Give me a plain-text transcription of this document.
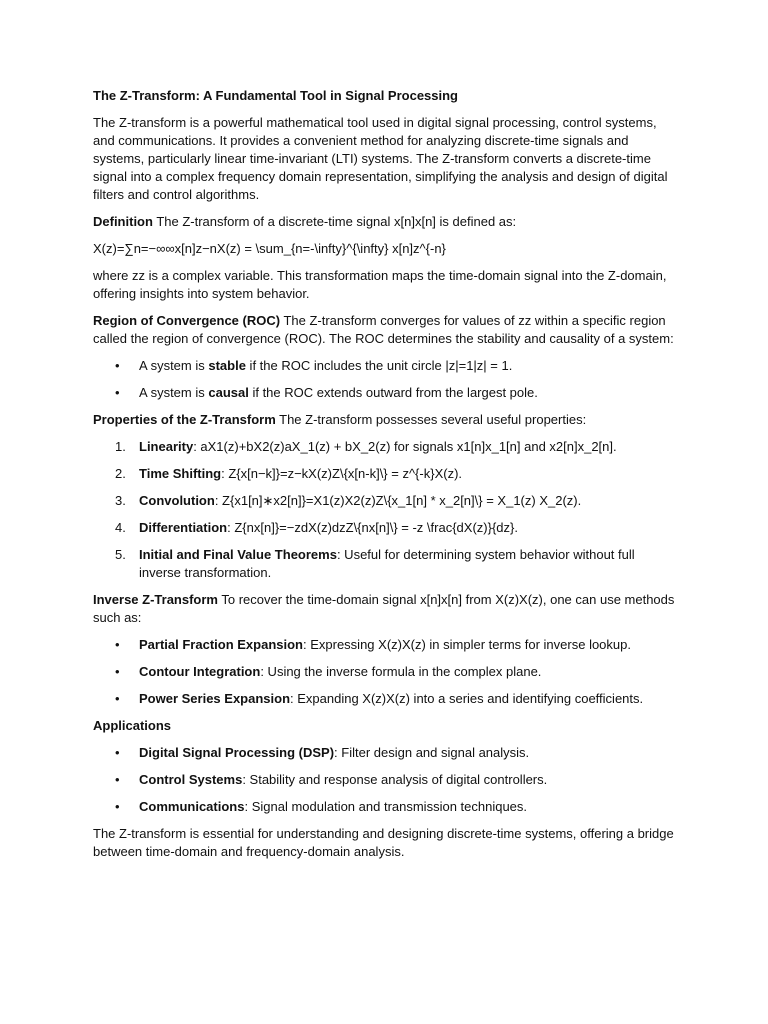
The Z-Transform: A Fundamental Tool in Signal Processing

The Z-transform is a powerful mathematical tool used in digital signal processing, control systems, and communications. It provides a convenient method for analyzing discrete-time signals and systems, particularly linear time-invariant (LTI) systems. The Z-transform converts a discrete-time signal into a complex frequency domain representation, simplifying the analysis and design of digital filters and control algorithms.

Definition The Z-transform of a discrete-time signal x[n]x[n] is defined as:

X(z)=∑n=−∞∞x[n]z−nX(z) = \sum_{n=-\infty}^{\infty} x[n]z^{-n}

where zz is a complex variable. This transformation maps the time-domain signal into the Z-domain, offering insights into system behavior.

Region of Convergence (ROC) The Z-transform converges for values of zz within a specific region called the region of convergence (ROC). The ROC determines the stability and causality of a system:

• A system is stable if the ROC includes the unit circle |z|=1|z| = 1.
• A system is causal if the ROC extends outward from the largest pole.

Properties of the Z-Transform The Z-transform possesses several useful properties:

1. Linearity: aX1(z)+bX2(z)aX_1(z) + bX_2(z) for signals x1[n]x_1[n] and x2[n]x_2[n].
2. Time Shifting: Z{x[n−k]}=z−kX(z)Z\{x[n-k]\} = z^{-k}X(z).
3. Convolution: Z{x1[n]∗x2[n]}=X1(z)X2(z)Z\{x_1[n] * x_2[n]\} = X_1(z) X_2(z).
4. Differentiation: Z{nx[n]}=−zdX(z)dzZ\{nx[n]\} = -z \frac{dX(z)}{dz}.
5. Initial and Final Value Theorems: Useful for determining system behavior without full inverse transformation.

Inverse Z-Transform To recover the time-domain signal x[n]x[n] from X(z)X(z), one can use methods such as:

• Partial Fraction Expansion: Expressing X(z)X(z) in simpler terms for inverse lookup.
• Contour Integration: Using the inverse formula in the complex plane.
• Power Series Expansion: Expanding X(z)X(z) into a series and identifying coefficients.

Applications

• Digital Signal Processing (DSP): Filter design and signal analysis.
• Control Systems: Stability and response analysis of digital controllers.
• Communications: Signal modulation and transmission techniques.

The Z-transform is essential for understanding and designing discrete-time systems, offering a bridge between time-domain and frequency-domain analysis.
